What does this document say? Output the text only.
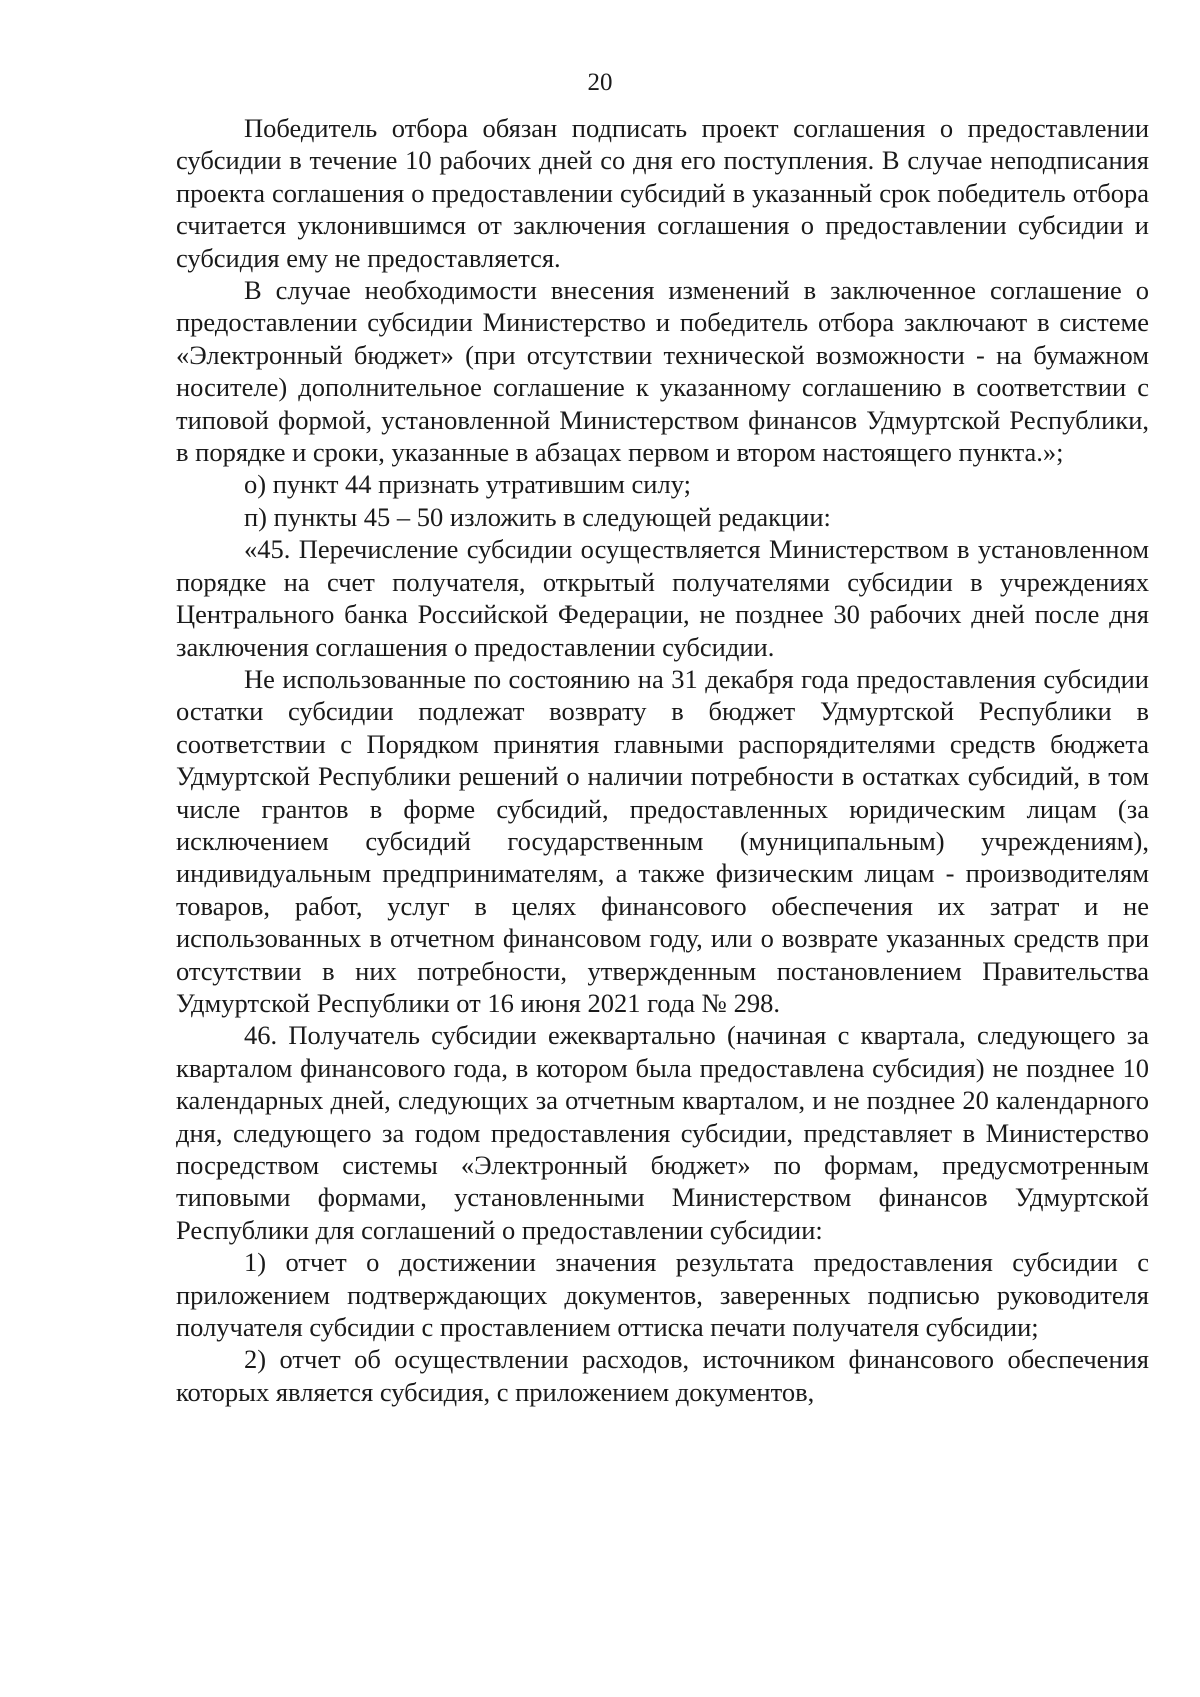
20

Победитель отбора обязан подписать проект соглашения о предоставлении субсидии в течение 10 рабочих дней со дня его поступления. В случае неподписания проекта соглашения о предоставлении субсидий в указанный срок победитель отбора считается уклонившимся от заключения соглашения о предоставлении субсидии и субсидия ему не предоставляется.

В случае необходимости внесения изменений в заключенное соглашение о предоставлении субсидии Министерство и победитель отбора заключают в системе «Электронный бюджет» (при отсутствии технической возможности - на бумажном носителе) дополнительное соглашение к указанному соглашению в соответствии с типовой формой, установленной Министерством финансов Удмуртской Республики, в порядке и сроки, указанные в абзацах первом и втором настоящего пункта.»;

о) пункт 44 признать утратившим силу;

п) пункты 45 – 50 изложить в следующей редакции:

«45. Перечисление субсидии осуществляется Министерством в установленном порядке на счет получателя, открытый получателями субсидии в учреждениях Центрального банка Российской Федерации, не позднее 30 рабочих дней после дня заключения соглашения о предоставлении субсидии.

Не использованные по состоянию на 31 декабря года предоставления субсидии остатки субсидии подлежат возврату в бюджет Удмуртской Республики в соответствии с Порядком принятия главными распорядителями средств бюджета Удмуртской Республики решений о наличии потребности в остатках субсидий, в том числе грантов в форме субсидий, предоставленных юридическим лицам (за исключением субсидий государственным (муниципальным) учреждениям), индивидуальным предпринимателям, а также физическим лицам - производителям товаров, работ, услуг в целях финансового обеспечения их затрат и не использованных в отчетном финансовом году, или о возврате указанных средств при отсутствии в них потребности, утвержденным постановлением Правительства Удмуртской Республики от 16 июня 2021 года № 298.

46. Получатель субсидии ежеквартально (начиная с квартала, следующего за кварталом финансового года, в котором была предоставлена субсидия) не позднее 10 календарных дней, следующих за отчетным кварталом, и не позднее 20 календарного дня, следующего за годом предоставления субсидии, представляет в Министерство посредством системы «Электронный бюджет» по формам, предусмотренным типовыми формами, установленными Министерством финансов Удмуртской Республики для соглашений о предоставлении субсидии:

1) отчет о достижении значения результата предоставления субсидии с приложением подтверждающих документов, заверенных подписью руководителя получателя субсидии с проставлением оттиска печати получателя субсидии;

2) отчет об осуществлении расходов, источником финансового обеспечения которых является субсидия, с приложением документов,
